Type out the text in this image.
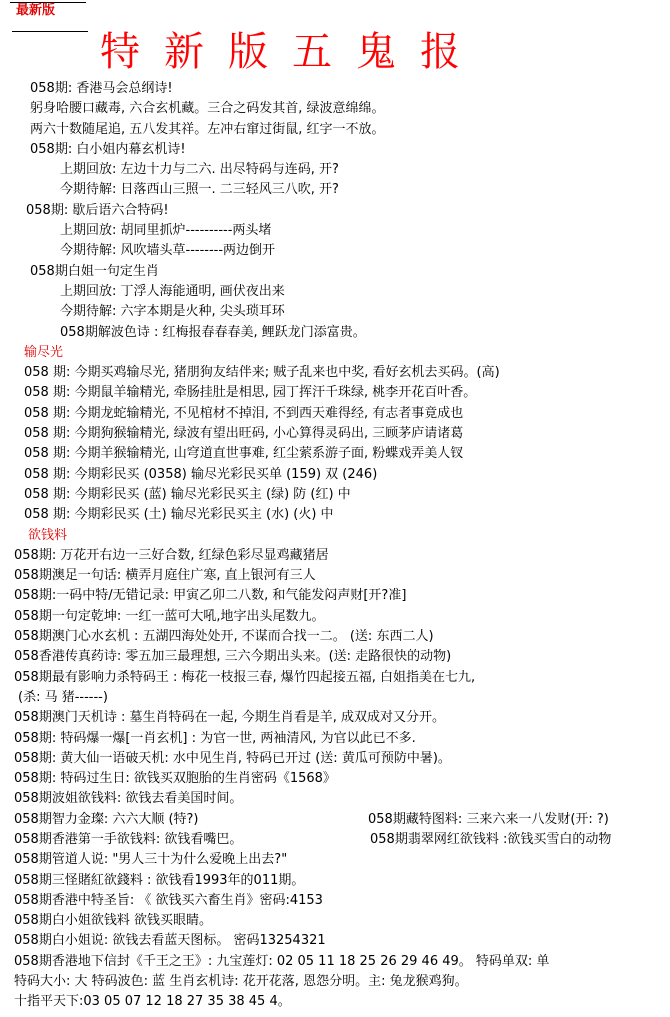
最新版
特新版五鬼报
058期: 香港马会总纲诗!
躬身哈腰口藏毒, 六合玄机藏。三合之码发其首, 绿波意绵绵。
两六十数随尾追, 五八发其祥。左冲右窜过街鼠, 红字一不放。
058期: 白小姐内幕玄机诗!
上期回放: 左边十力与二六. 出尽特码与连码, 开?
今期待解: 日落西山三照一. 二三轻风三八吹, 开?
058期: 歇后语六合特码!
上期回放: 胡同里抓炉----------两头堵
今期待解: 风吹墙头草--------两边倒开
058期白姐一句定生肖
上期回放: 丁浮人海能通明, 画伏夜出来
今期待解: 六字本期是火种, 尖头琐耳环
058期解波色诗 : 红梅报春春春美, 鲤跃龙门添富贵。
输尽光
058 期: 今期买鸡输尽光, 猪朋狗友结伴来; 贼子乱来也中奖, 看好玄机去买码。(高)
058 期: 今期鼠羊输精光, 牵肠挂肚是相思, 园丁挥汗千珠绿, 桃李开花百叶香。
058 期: 今期龙蛇输精光, 不见棺材不掉泪, 不到西天难得经, 有志者事竟成也
058 期: 今期狗猴输精光, 绿波有望出旺码, 小心算得灵码出, 三顾茅庐请诸葛
058 期: 今期羊猴输精光, 山穹道直世事难, 红尘萦系游子面, 粉蝶戏弄美人钗
058 期: 今期彩民买 (0358) 输尽光彩民买单 (159) 双 (246)
058 期: 今期彩民买 (蓝) 输尽光彩民买主 (绿) 防 (红) 中
058 期: 今期彩民买 (土) 输尽光彩民买主 (水) (火) 中
欲钱料
058期: 万花开右边一三好合数, 红绿色彩尽显鸡藏猪居
058期澳足一句话: 横弄月庭住广寒, 直上银河有三人
058期:一码中特/无错记录: 甲寅乙卯二八数, 和气能发闷声财[开?准]
058期一句定乾坤: 一红一蓝可大吼,地字出头尾数九。
058期澳门心水玄机 : 五湖四海处处开, 不谋而合找一二。 (送: 东西二人)
058香港传真药诗: 零五加三最理想, 三六今期出头来。(送: 走路很快的动物)
058期最有影响力杀特码王 : 梅花一枝报三春, 爆竹四起接五福, 白姐指美在七九,
(杀: 马 猪------)
058期澳门天机诗 : 墓生肖特码在一起, 今期生肖看是羊, 成双成对又分开。
058期: 特码爆一爆[一肖玄机] : 为官一世, 两袖清风, 为官以此已不多.
058期: 黄大仙一语破天机: 水中见生肖, 特码已开过 (送: 黄瓜可预防中暑)。
058期: 特码过生日: 欲钱买双胞胎的生肖密码《1568》
058期波姐欲钱料: 欲钱去看美国时间。
058期智力金璨: 六六大顺 (特?)	058期藏特图料: 三来六来一八发财(开: ?)
058期香港第一手欲钱料: 欲钱看嘴巴。	058期翡翠网红欲钱料 :欲钱买雪白的动物
058期管道人说: "男人三十为什么爱晚上出去?"
058期三怪賭紅欲錢料 : 欲钱看1993年的011期。
058期香港中特圣旨: 《 欲钱买六畜生肖》密码:4153
058期白小姐欲钱料 欲钱买眼睛。
058期白小姐说: 欲钱去看蓝天图标。 密码13254321
058期香港地下信封《千王之王》: 九宝莲灯: 02 05 11 18 25 26 29 46 49。 特码单双: 单
特码大小: 大 特码波色: 蓝 生肖玄机诗: 花开花落, 恩怨分明。主: 兔龙猴鸡狗。
十指平天下:03 05 07 12 18 27 35 38 45 4。
